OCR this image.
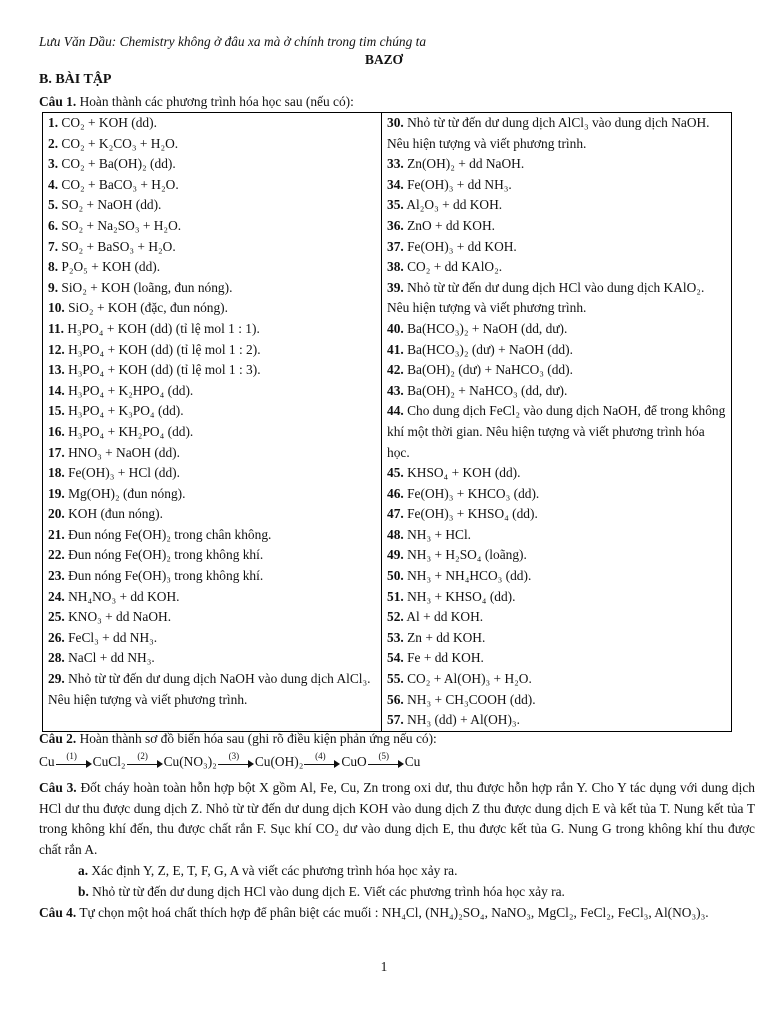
Lưu Văn Dầu: Chemistry không ở đâu xa mà ở chính trong tim chúng ta
BAZƠ
B. BÀI TẬP
Câu 1. Hoàn thành các phương trình hóa học sau (nếu có):
1. CO₂ + KOH (dd).
2. CO₂ + K₂CO₃ + H₂O.
3. CO₂ + Ba(OH)₂ (dd).
4. CO₂ + BaCO₃ + H₂O.
5. SO₂ + NaOH (dd).
6. SO₂ + Na₂SO₃ + H₂O.
7. SO₂ + BaSO₃ + H₂O.
8. P₂O₅ + KOH (dd).
9. SiO₂ + KOH (loãng, đun nóng).
10. SiO₂ + KOH (đặc, đun nóng).
11. H₃PO₄ + KOH (dd) (tỉ lệ mol 1 : 1).
12. H₃PO₄ + KOH (dd) (tỉ lệ mol 1 : 2).
13. H₃PO₄ + KOH (dd) (tỉ lệ mol 1 : 3).
14. H₃PO₄ + K₂HPO₄ (dd).
15. H₃PO₄ + K₃PO₄ (dd).
16. H₃PO₄ + KH₂PO₄ (dd).
17. HNO₃ + NaOH (dd).
18. Fe(OH)₃ + HCl (dd).
19. Mg(OH)₂ (đun nóng).
20. KOH (đun nóng).
21. Đun nóng Fe(OH)₂ trong chân không.
22. Đun nóng Fe(OH)₂ trong không khí.
23. Đun nóng Fe(OH)₃ trong không khí.
24. NH₄NO₃ + dd KOH.
25. KNO₃ + dd NaOH.
26. FeCl₃ + dd NH₃.
28. NaCl + dd NH₃.
29. Nhỏ từ từ đến dư dung dịch NaOH vào dung dịch AlCl₃. Nêu hiện tượng và viết phương trình.

30. Nhỏ từ từ đến dư dung dịch AlCl₃ vào dung dịch NaOH. Nêu hiện tượng và viết phương trình.
33. Zn(OH)₂ + dd NaOH.
34. Fe(OH)₃ + dd NH₃.
35. Al₂O₃ + dd KOH.
36. ZnO + dd KOH.
37. Fe(OH)₃ + dd KOH.
38. CO₂ + dd KAlO₂.
39. Nhỏ từ từ đến dư dung dịch HCl vào dung dịch KAlO₂. Nêu hiện tượng và viết phương trình.
40. Ba(HCO₃)₂ + NaOH (dd, dư).
41. Ba(HCO₃)₂ (dư) + NaOH (dd).
42. Ba(OH)₂ (dư) + NaHCO₃ (dd).
43. Ba(OH)₂ + NaHCO₃ (dd, dư).
44. Cho dung dịch FeCl₂ vào dung dịch NaOH, để trong không khí một thời gian. Nêu hiện tượng và viết phương trình hóa học.
45. KHSO₄ + KOH (dd).
46. Fe(OH)₃ + KHCO₃ (dd).
47. Fe(OH)₃ + KHSO₄ (dd).
48. NH₃ + HCl.
49. NH₃ + H₂SO₄ (loãng).
50. NH₃ + NH₄HCO₃ (dd).
51. NH₃ + KHSO₄ (dd).
52. Al + dd KOH.
53. Zn + dd KOH.
54. Fe + dd KOH.
55. CO₂ + Al(OH)₃ + H₂O.
56. NH₃ + CH₃COOH (dd).
57. NH₃ (dd) + Al(OH)₃.
Câu 2. Hoàn thành sơ đồ biến hóa sau (ghi rõ điều kiện phản ứng nếu có):
Cu	(1)	CuCl₂	(2)	Cu(NO₃)₂	(3)	Cu(OH)₂	(4)	CuO	(5)	Cu
Câu 3. Đốt cháy hoàn toàn hỗn hợp bột X gồm Al, Fe, Cu, Zn trong oxi dư, thu được hỗn hợp rắn Y. Cho Y tác dụng với dung dịch HCl dư thu được dung dịch Z. Nhỏ từ từ đến dư dung dịch KOH vào dung dịch Z thu được dung dịch E và kết tủa T. Nung kết tủa T trong không khí đến, thu được chất rắn F. Sục khí CO₂ dư vào dung dịch E, thu được kết tủa G. Nung G trong không khí thu được chất rắn A.
a. Xác định Y, Z, E, T, F, G, A và viết các phương trình hóa học xảy ra.
b. Nhỏ từ từ đến dư dung dịch HCl vào dung dịch E. Viết các phương trình hóa học xảy ra.
Câu 4. Tự chọn một hoá chất thích hợp để phân biệt các muối : NH₄Cl, (NH₄)₂SO₄, NaNO₃, MgCl₂, FeCl₂, FeCl₃, Al(NO₃)₃.
1
